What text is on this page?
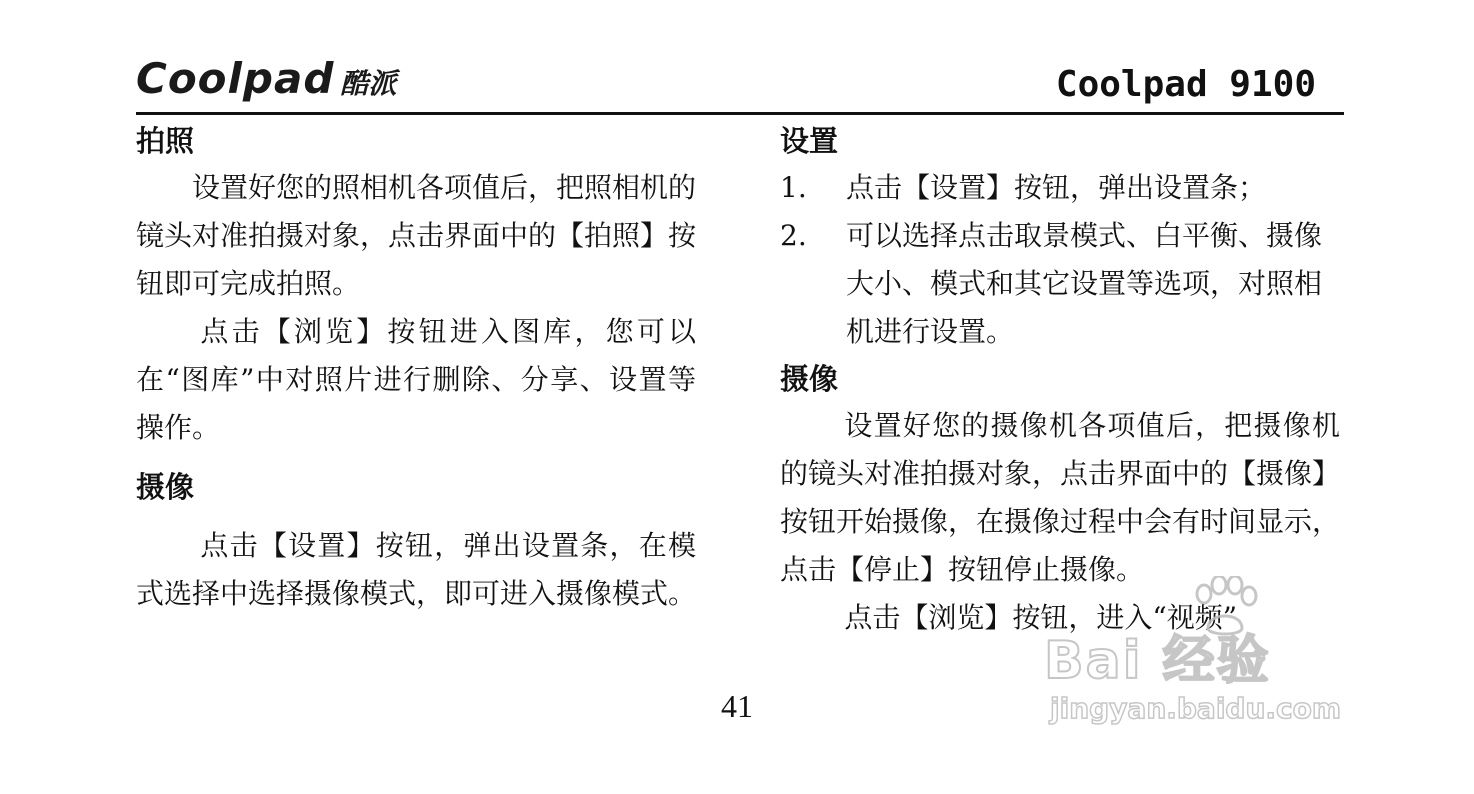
Coolpad 酷派	Coolpad 9100
拍照

设置好您的照相机各项值后，把照相机的镜头对准拍摄对象，点击界面中的【拍照】按钮即可完成拍照。

点击【浏览】按钮进入图库，您可以在“图库”中对照片进行删除、分享、设置等操作。

摄像

点击【设置】按钮，弹出设置条，在模式选择中选择摄像模式，即可进入摄像模式。

设置
1. 点击【设置】按钮，弹出设置条；
2. 可以选择点击取景模式、白平衡、摄像大小、模式和其它设置等选项，对照相机进行设置。
摄像

设置好您的摄像机各项值后，把摄像机的镜头对准拍摄对象，点击界面中的【摄像】按钮开始摄像，在摄像过程中会有时间显示，点击【停止】按钮停止摄像。

点击【浏览】按钮，进入“视频”

41
Bai 经验
jingyan.baidu.com
